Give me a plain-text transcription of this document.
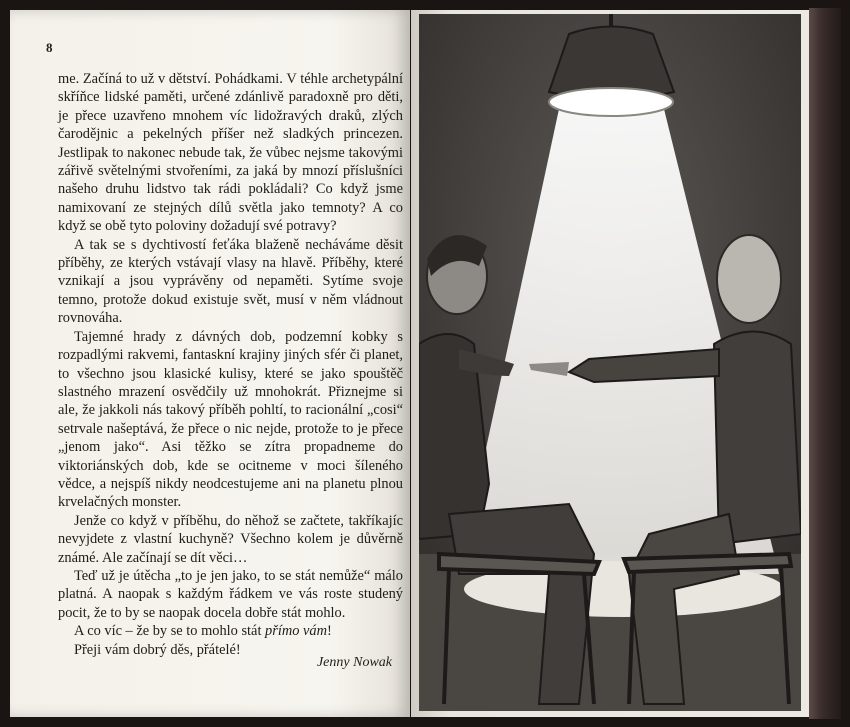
8

me. Začíná to už v dětství. Pohádkami. V téhle archetypální skříňce lidské paměti, určené zdánlivě paradoxně pro děti, je přece uzavřeno mnohem víc lidožravých draků, zlých čarodějnic a pekelných příšer než sladkých princezen. Jestlipak to nakonec nebude tak, že vůbec nejsme takovými zářivě světelnými stvořeními, za jaká by mnozí příslušníci našeho druhu lidstvo tak rádi pokládali? Co když jsme namixovaní ze stejných dílů světla jako temnoty? A co když se obě tyto poloviny dožadují své potravy?

A tak se s dychtivostí feťáka blaženě necháváme děsit příběhy, ze kterých vstávají vlasy na hlavě. Příběhy, které vznikají a jsou vyprávěny od nepaměti. Sytíme svoje temno, protože dokud existuje svět, musí v něm vládnout rovnováha.

Tajemné hrady z dávných dob, podzemní kobky s rozpadlými rakvemi, fantaskní krajiny jiných sfér či planet, to všechno jsou klasické kulisy, které se jako spouštěč slastného mrazení osvědčily už mnohokrát. Přiznejme si ale, že jakkoli nás takový příběh pohltí, to racionální „cosi“ setrvale našeptává, že přece o nic nejde, protože to je přece „jenom jako“. Asi těžko se zítra propadneme do viktoriánských dob, kde se ocitneme v moci šíleného vědce, a nejspíš nikdy neodcestujeme ani na planetu plnou krvelačných monster.

Jenže co když v příběhu, do něhož se začtete, takříkajíc nevyjdete z vlastní kuchyně? Všechno kolem je důvěrně známé. Ale začínají se dít věci…

Teď už je útěcha „to je jen jako, to se stát nemůže“ málo platná. A naopak s každým řádkem ve vás roste studený pocit, že to by se naopak docela dobře stát mohlo.

A co víc – že by se to mohlo stát přímo vám!

Přeji vám dobrý děs, přátelé!

Jenny Nowak
